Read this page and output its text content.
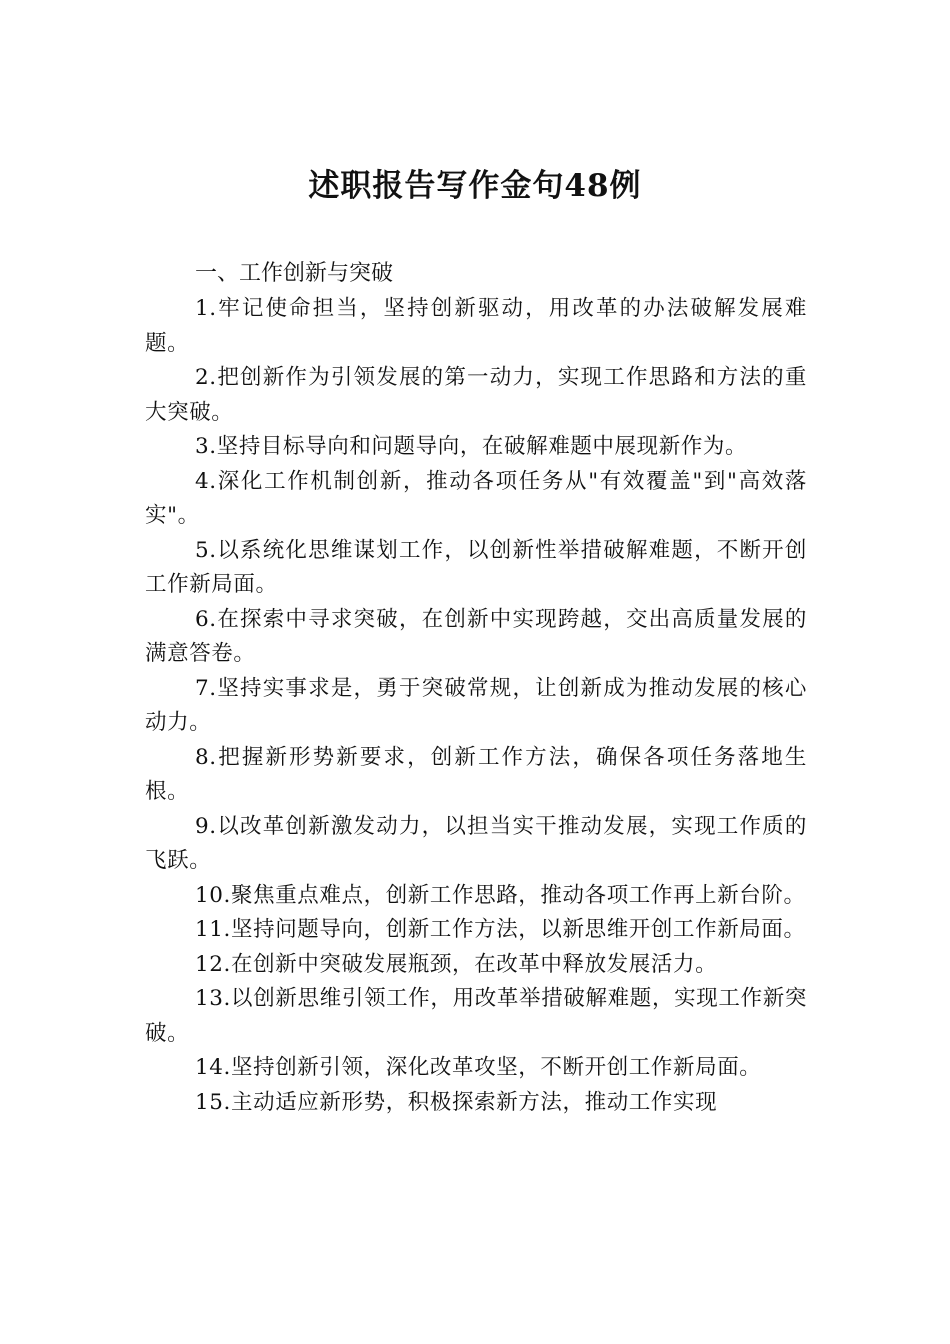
述职报告写作金句48例
一、工作创新与突破

1.牢记使命担当，坚持创新驱动，用改革的办法破解发展难题。

2.把创新作为引领发展的第一动力，实现工作思路和方法的重大突破。

3.坚持目标导向和问题导向，在破解难题中展现新作为。

4.深化工作机制创新，推动各项任务从"有效覆盖"到"高效落实"。

5.以系统化思维谋划工作，以创新性举措破解难题，不断开创工作新局面。

6.在探索中寻求突破，在创新中实现跨越，交出高质量发展的满意答卷。

7.坚持实事求是，勇于突破常规，让创新成为推动发展的核心动力。

8.把握新形势新要求，创新工作方法，确保各项任务落地生根。

9.以改革创新激发动力，以担当实干推动发展，实现工作质的飞跃。

10.聚焦重点难点，创新工作思路，推动各项工作再上新台阶。

11.坚持问题导向，创新工作方法，以新思维开创工作新局面。

12.在创新中突破发展瓶颈，在改革中释放发展活力。

13.以创新思维引领工作，用改革举措破解难题，实现工作新突破。

14.坚持创新引领，深化改革攻坚，不断开创工作新局面。

15.主动适应新形势，积极探索新方法，推动工作实现
